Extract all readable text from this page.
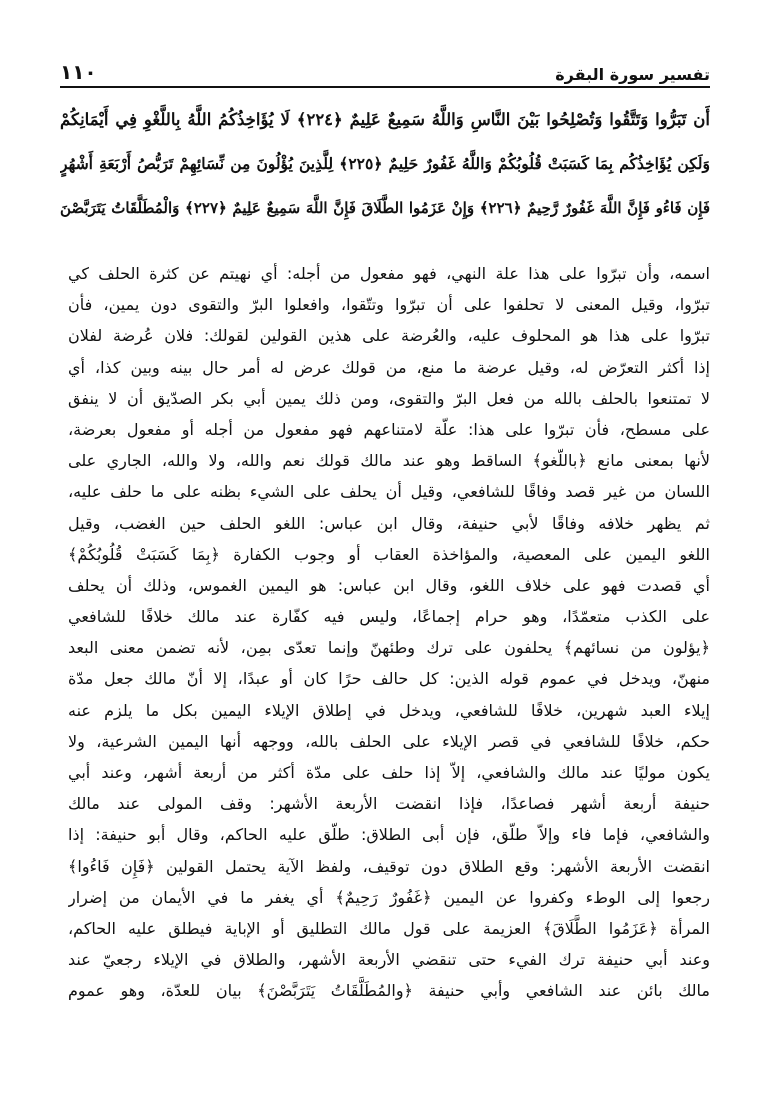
١١٠	تفسير سورة البقرة
أَن تَبَرُّوا وَتَتَّقُوا وَتُصْلِحُوا بَيْنَ النَّاسِ وَاللَّهُ سَمِيعٌ عَلِيمٌ ﴿٢٢٤﴾ لَا يُؤَاخِذُكُمُ اللَّهُ بِاللَّغْوِ فِي أَيْمَانِكُمْ
وَلَكِن يُؤَاخِذُكُم بِمَا كَسَبَتْ قُلُوبُكُمْ وَاللَّهُ غَفُورٌ حَلِيمٌ ﴿٢٢٥﴾ لِلَّذِينَ يُؤْلُونَ مِن نِّسَائِهِمْ تَرَبُّصُ أَرْبَعَةِ أَشْهُرٍ
فَإِن فَاءُو فَإِنَّ اللَّهَ غَفُورٌ رَّحِيمٌ ﴿٢٢٦﴾ وَإِنْ عَزَمُوا الطَّلَاقَ فَإِنَّ اللَّهَ سَمِيعٌ عَلِيمٌ ﴿٢٢٧﴾ وَالْمُطَلَّقَاتُ يَتَرَبَّصْنَ
اسمه، وأن تبرّوا على هذا علة النهي، فهو مفعول من أجله: أي نهيتم عن كثرة الحلف كي
تبرّوا، وقيل المعنى لا تحلفوا على أن تبرّوا وتتّقوا، وافعلوا البرّ والتقوى دون يمين، فأن
تبرّوا على هذا هو المحلوف عليه، والعُرضة على هذين القولين لقولك: فلان عُرضة لفلان
إذا أكثر التعرّض له، وقيل عرضة ما منع، من قولك عرض له أمر حال بينه وبين كذا، أي
لا تمتنعوا بالحلف بالله من فعل البرّ والتقوى، ومن ذلك يمين أبي بكر الصدّيق أن لا ينفق
على مسطح، فأن تبرّوا على هذا: علّة لامتناعهم فهو مفعول من أجله أو مفعول بعرضة،
لأنها بمعنى مانع ﴿باللّغو﴾ الساقط وهو عند مالك قولك نعم والله، ولا والله، الجاري على
اللسان من غير قصد وفاقًا للشافعي، وقيل أن يحلف على الشيء بظنه على ما حلف عليه،
ثم يظهر خلافه وفاقًا لأبي حنيفة، وقال ابن عباس: اللغو الحلف حين الغضب، وقيل
اللغو اليمين على المعصية، والمؤاخذة العقاب أو وجوب الكفارة ﴿بِمَا كَسَبَتْ قُلُوبُكُمْ﴾
أي قصدت فهو على خلاف اللغو، وقال ابن عباس: هو اليمين الغموس، وذلك أن يحلف
على الكذب متعمّدًا، وهو حرام إجماعًا، وليس فيه كفّارة عند مالك خلافًا للشافعي
﴿يؤلون من نسائهم﴾ يحلفون على ترك وطئهنّ وإنما تعدّى بمِن، لأنه تضمن معنى البعد
منهنّ، ويدخل في عموم قوله الذين: كل حالف حرًا كان أو عبدًا، إلا أنّ مالك جعل مدّة
إيلاء العبد شهرين، خلافًا للشافعي، ويدخل في إطلاق الإيلاء اليمين بكل ما يلزم عنه
حكم، خلافًا للشافعي في قصر الإيلاء على الحلف بالله، ووجهه أنها اليمين الشرعية، ولا
يكون موليًا عند مالك والشافعي، إلاّ إذا حلف على مدّة أكثر من أربعة أشهر، وعند أبي
حنيفة أربعة أشهر فصاعدًا، فإذا انقضت الأربعة الأشهر: وقف المولى عند مالك
والشافعي، فإما فاء وإلاّ طلّق، فإن أبى الطلاق: طلّق عليه الحاكم، وقال أبو حنيفة: إذا
انقضت الأربعة الأشهر: وقع الطلاق دون توقيف، ولفظ الآية يحتمل القولين ﴿فَإِن فَاءُوا﴾
رجعوا إلى الوطء وكفروا عن اليمين ﴿غَفُورٌ رَحِيمٌ﴾ أي يغفر ما في الأيمان من إضرار
المرأة ﴿عَزَمُوا الطَّلَاقَ﴾ العزيمة على قول مالك التطليق أو الإباية فيطلق عليه الحاكم،
وعند أبي حنيفة ترك الفيء حتى تنقضي الأربعة الأشهر، والطلاق في الإيلاء رجعيّ عند
مالك بائن عند الشافعي وأبي حنيفة ﴿والمُطَلَّقَاتُ يَتَرَبَّصْنَ﴾ بيان للعدّة، وهو عموم
